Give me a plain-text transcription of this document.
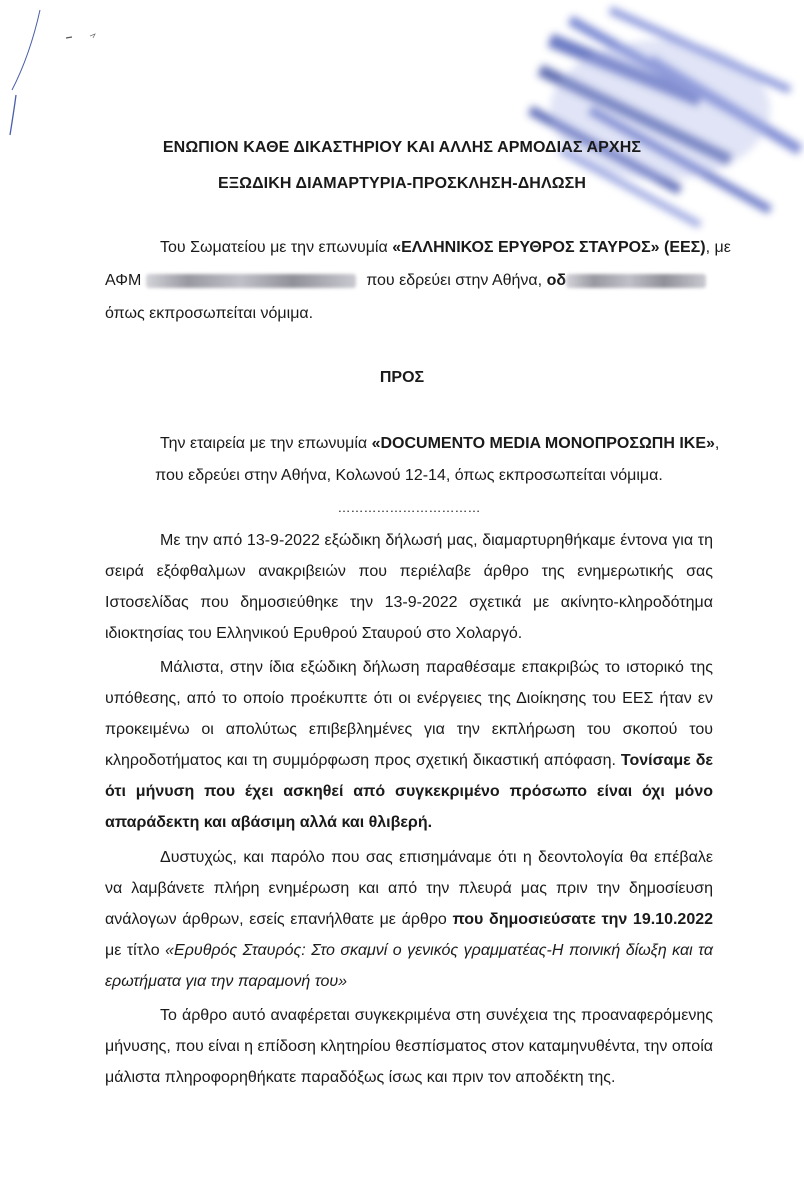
ΕΝΩΠΙΟΝ ΚΑΘΕ ΔΙΚΑΣΤΗΡΙΟΥ ΚΑΙ ΑΛΛΗΣ ΑΡΜΟΔΙΑΣ ΑΡΧΗΣ
ΕΞΩΔΙΚΗ ΔΙΑΜΑΡΤΥΡΙΑ-ΠΡΟΣΚΛΗΣΗ-ΔΗΛΩΣΗ
Του Σωματείου με την επωνυμία «ΕΛΛΗΝΙΚΟΣ ΕΡΥΘΡΟΣ ΣΤΑΥΡΟΣ» (ΕΕΣ), με
ΑΦΜ	που εδρεύει στην Αθήνα, οδ
όπως εκπροσωπείται νόμιμα.
ΠΡΟΣ
Την εταιρεία με την επωνυμία «DOCUMENTO MEDIA ΜΟΝΟΠΡΟΣΩΠΗ ΙΚΕ»,
που εδρεύει στην Αθήνα, Κολωνού 12-14, όπως εκπροσωπείται νόμιμα.
……………………………
Με την από 13-9-2022 εξώδικη δήλωσή μας, διαμαρτυρηθήκαμε έντονα για τη σειρά εξόφθαλμων ανακριβειών που περιέλαβε άρθρο της ενημερωτικής σας Ιστοσελίδας που δημοσιεύθηκε την 13-9-2022 σχετικά με ακίνητο-κληροδότημα ιδιοκτησίας του Ελληνικού Ερυθρού Σταυρού στο Χολαργό.
Μάλιστα, στην ίδια εξώδικη δήλωση παραθέσαμε επακριβώς το ιστορικό της υπόθεσης, από το οποίο προέκυπτε ότι οι ενέργειες της Διοίκησης του ΕΕΣ ήταν εν προκειμένω οι απολύτως επιβεβλημένες για την εκπλήρωση του σκοπού του κληροδοτήματος και τη συμμόρφωση προς σχετική δικαστική απόφαση. Τονίσαμε δε ότι μήνυση που έχει ασκηθεί από συγκεκριμένο πρόσωπο είναι όχι μόνο απαράδεκτη και αβάσιμη αλλά και θλιβερή.
Δυστυχώς, και παρόλο που σας επισημάναμε ότι η δεοντολογία θα επέβαλε να λαμβάνετε πλήρη ενημέρωση και από την πλευρά μας πριν την δημοσίευση ανάλογων άρθρων, εσείς επανήλθατε με άρθρο που δημοσιεύσατε την 19.10.2022 με τίτλο «Ερυθρός Σταυρός: Στο σκαμνί ο γενικός γραμματέας-Η ποινική δίωξη και τα ερωτήματα για την παραμονή του»
Το άρθρο αυτό αναφέρεται συγκεκριμένα στη συνέχεια της προαναφερόμενης μήνυσης, που είναι η επίδοση κλητηρίου θεσπίσματος στον καταμηνυθέντα, την οποία μάλιστα πληροφορηθήκατε παραδόξως ίσως και πριν τον αποδέκτη της.
